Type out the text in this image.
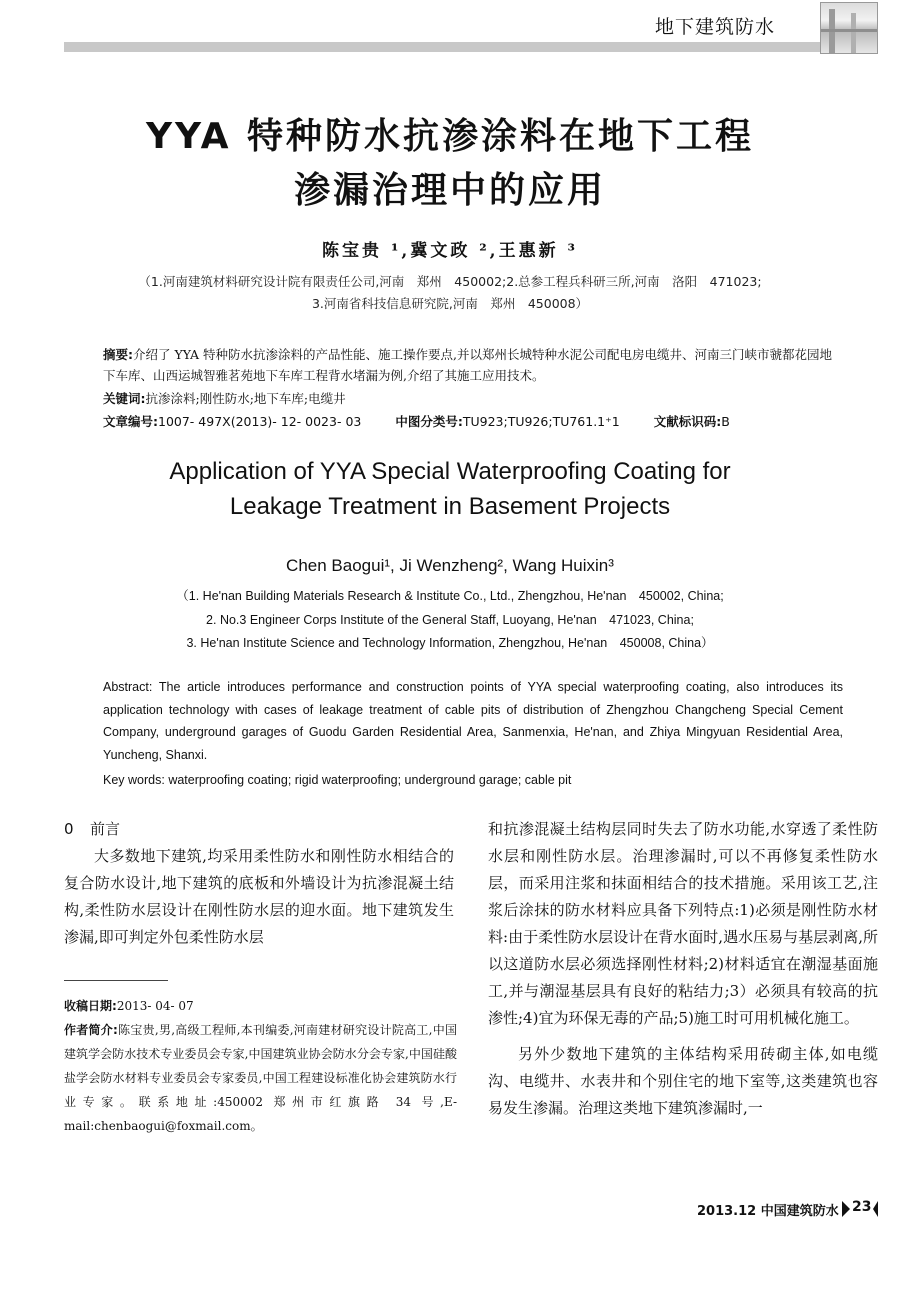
地下建筑防水
YYA 特种防水抗渗涂料在地下工程
渗漏治理中的应用
陈宝贵 ¹,冀文政 ²,王惠新 ³
（1.河南建筑材料研究设计院有限责任公司,河南　郑州　450002;2.总参工程兵科研三所,河南　洛阳　471023;
3.河南省科技信息研究院,河南　郑州　450008）
摘要:介绍了 YYA 特种防水抗渗涂料的产品性能、施工操作要点,并以郑州长城特种水泥公司配电房电缆井、河南三门峡市虢都花园地下车库、山西运城智雅茗苑地下车库工程背水堵漏为例,介绍了其施工应用技术。
关键词:抗渗涂料;刚性防水;地下车库;电缆井
文章编号:1007- 497X(2013)- 12- 0023- 03	中图分类号:TU923;TU926;TU761.1⁺1	文献标识码:B
Application of YYA Special Waterproofing Coating for
Leakage Treatment in Basement Projects
Chen Baogui¹, Ji Wenzheng², Wang Huixin³
（1. He'nan Building Materials Research & Institute Co., Ltd., Zhengzhou, He'nan　450002, China;
2. No.3 Engineer Corps Institute of the General Staff, Luoyang, He'nan　471023, China;
3. He'nan Institute Science and Technology Information, Zhengzhou, He'nan　450008, China）
Abstract: The article introduces performance and construction points of YYA special waterproofing coating, also introduces its application technology with cases of leakage treatment of cable pits of distribution of Zhengzhou Changcheng Special Cement Company, underground garages of Guodu Garden Residential Area, Sanmenxia, He'nan, and Zhiya Mingyuan Residential Area, Yuncheng, Shanxi.
Key words: waterproofing coating; rigid waterproofing; underground garage; cable pit
0 前言

大多数地下建筑,均采用柔性防水和刚性防水相结合的复合防水设计,地下建筑的底板和外墙设计为抗渗混凝土结构,柔性防水层设计在刚性防水层的迎水面。地下建筑发生渗漏,即可判定外包柔性防水层

和抗渗混凝土结构层同时失去了防水功能,水穿透了柔性防水层和刚性防水层。治理渗漏时,可以不再修复柔性防水层，而采用注浆和抹面相结合的技术措施。采用该工艺,注浆后涂抹的防水材料应具备下列特点:1)必须是刚性防水材料:由于柔性防水层设计在背水面时,遇水压易与基层剥离,所以这道防水层必须选择刚性材料;2)材料适宜在潮湿基面施工,并与潮湿基层具有良好的粘结力;3）必须具有较高的抗渗性;4)宜为环保无毒的产品;5)施工时可用机械化施工。

另外少数地下建筑的主体结构采用砖砌主体,如电缆沟、电缆井、水表井和个别住宅的地下室等,这类建筑也容易发生渗漏。治理这类地下建筑渗漏时,一

收稿日期:2013- 04- 07
作者简介:陈宝贵,男,高级工程师,本刊编委,河南建材研究设计院高工,中国建筑学会防水技术专业委员会专家,中国建筑业协会防水分会专家,中国硅酸盐学会防水材料专业委员会专家委员,中国工程建设标准化协会建筑防水行业专家。联系地址:450002 郑州市红旗路 34 号,E- mail:chenbaogui@foxmail.com。
2013.12 中国建筑防水 23
